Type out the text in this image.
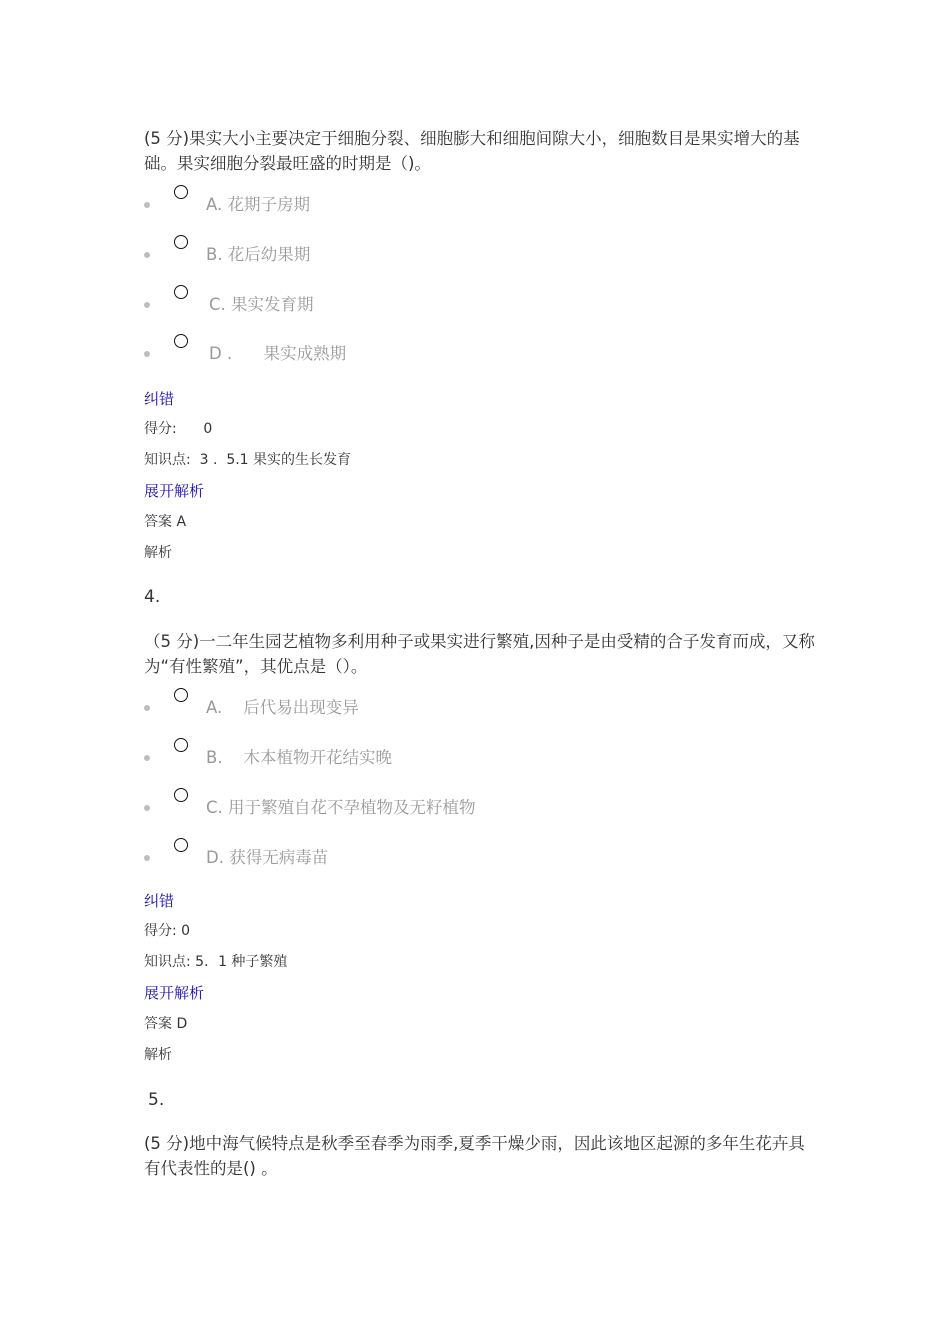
(5 分)果实大小主要决定于细胞分裂、细胞膨大和细胞间隙大小，细胞数目是果实增大的基础。果实细胞分裂最旺盛的时期是（)。
A. 花期子房期
B. 花后幼果期
C. 果实发育期
D .      果实成熟期
纠错
得分:      0
知识点:  3 .  5.1 果实的生长发育
展开解析
答案 A
解析
4.
（5 分)一二年生园艺植物多利用种子或果实进行繁殖,因种子是由受精的合子发育而成，又称为“有性繁殖”，其优点是（）。
A.    后代易出现变异
B.    木本植物开花结实晚
C. 用于繁殖自花不孕植物及无籽植物
D. 获得无病毒苗
纠错
得分: 0
知识点: 5．1 种子繁殖
展开解析
答案 D
解析
5.
(5 分)地中海气候特点是秋季至春季为雨季,夏季干燥少雨，因此该地区起源的多年生花卉具有代表性的是() 。
